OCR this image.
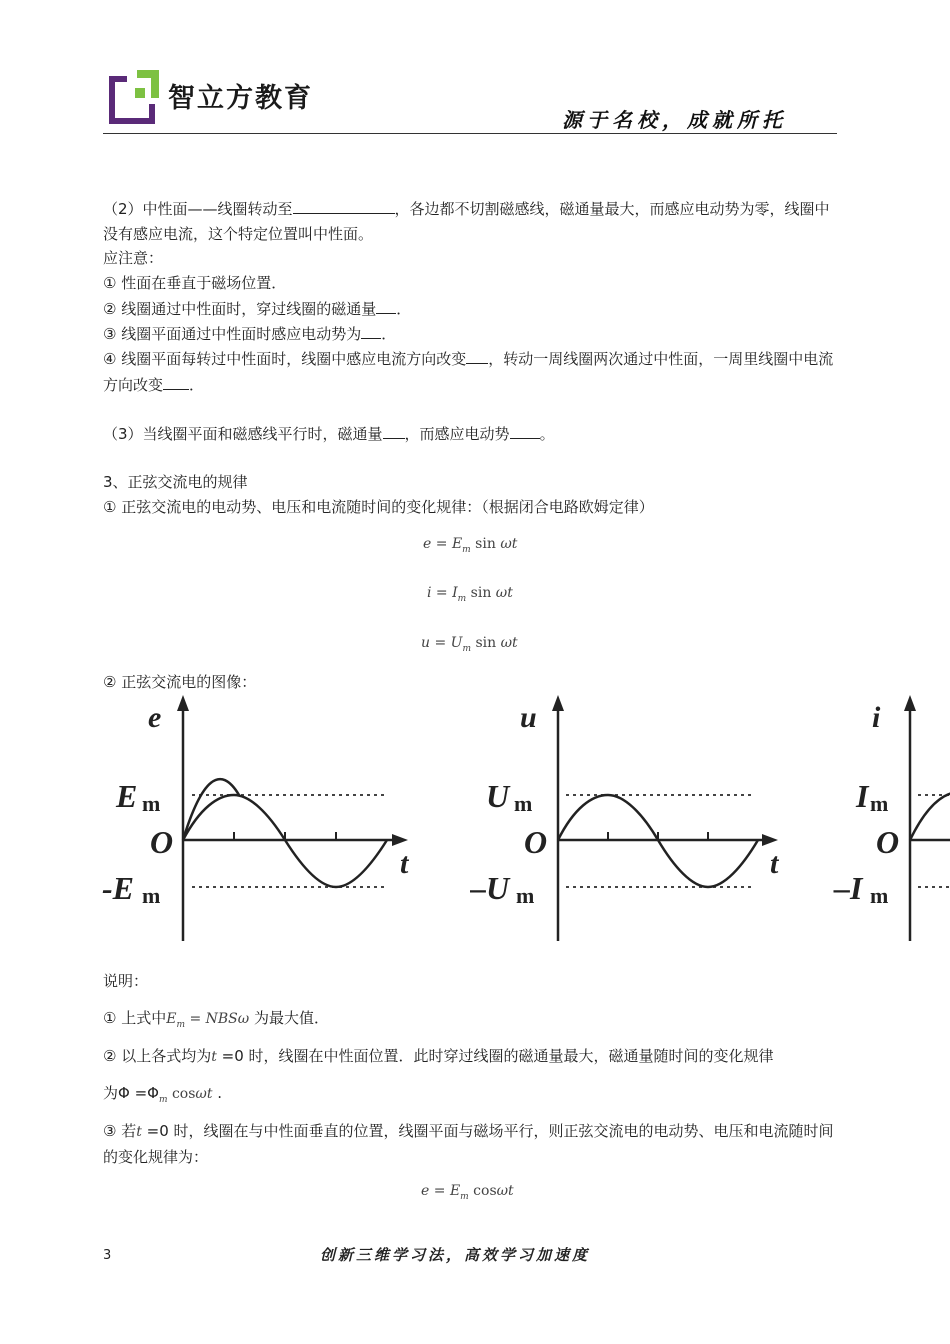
智立方教育
源于名校，成就所托
（2）中性面——线圈转动至	，各边都不切割磁感线，磁通量最大，而感应电动势为零，线圈中没有感应电流，这个特定位置叫中性面。
应注意：
① 性面在垂直于磁场位置．
② 线圈通过中性面时，穿过线圈的磁通量 ．
③ 线圈平面通过中性面时感应电动势为 ．
④ 线圈平面每转过中性面时，线圈中感应电流方向改变 ，转动一周线圈两次通过中性面，一周里线圈中电流方向改变 ．
（3）当线圈平面和磁感线平行时，磁通量 ，而感应电动势 。
3、正弦交流电的规律
① 正弦交流电的电动势、电压和电流随时间的变化规律：（根据闭合电路欧姆定律）
$e = E_m$ sin ωt
$i = I_m$ sin ωt
$u = U_m$ sin ωt
② 正弦交流电的图像：
e
E m
O
t
-E m
u
U m
O
t
–U m
i
I m
O
–I m
说明：
① 上式中$E_m = NBS\omega$ 为最大值．
② 以上各式均为t =0 时，线圈在中性面位置．此时穿过线圈的磁通量最大，磁通量随时间的变化规律
为$\Phi =\Phi_m$ cosωt .
③ 若t =0 时，线圈在与中性面垂直的位置，线圈平面与磁场平行，则正弦交流电的电动势、电压和电流随时间的变化规律为：
$e = E_m$ cosωt
3	创新三维学习法，高效学习加速度
